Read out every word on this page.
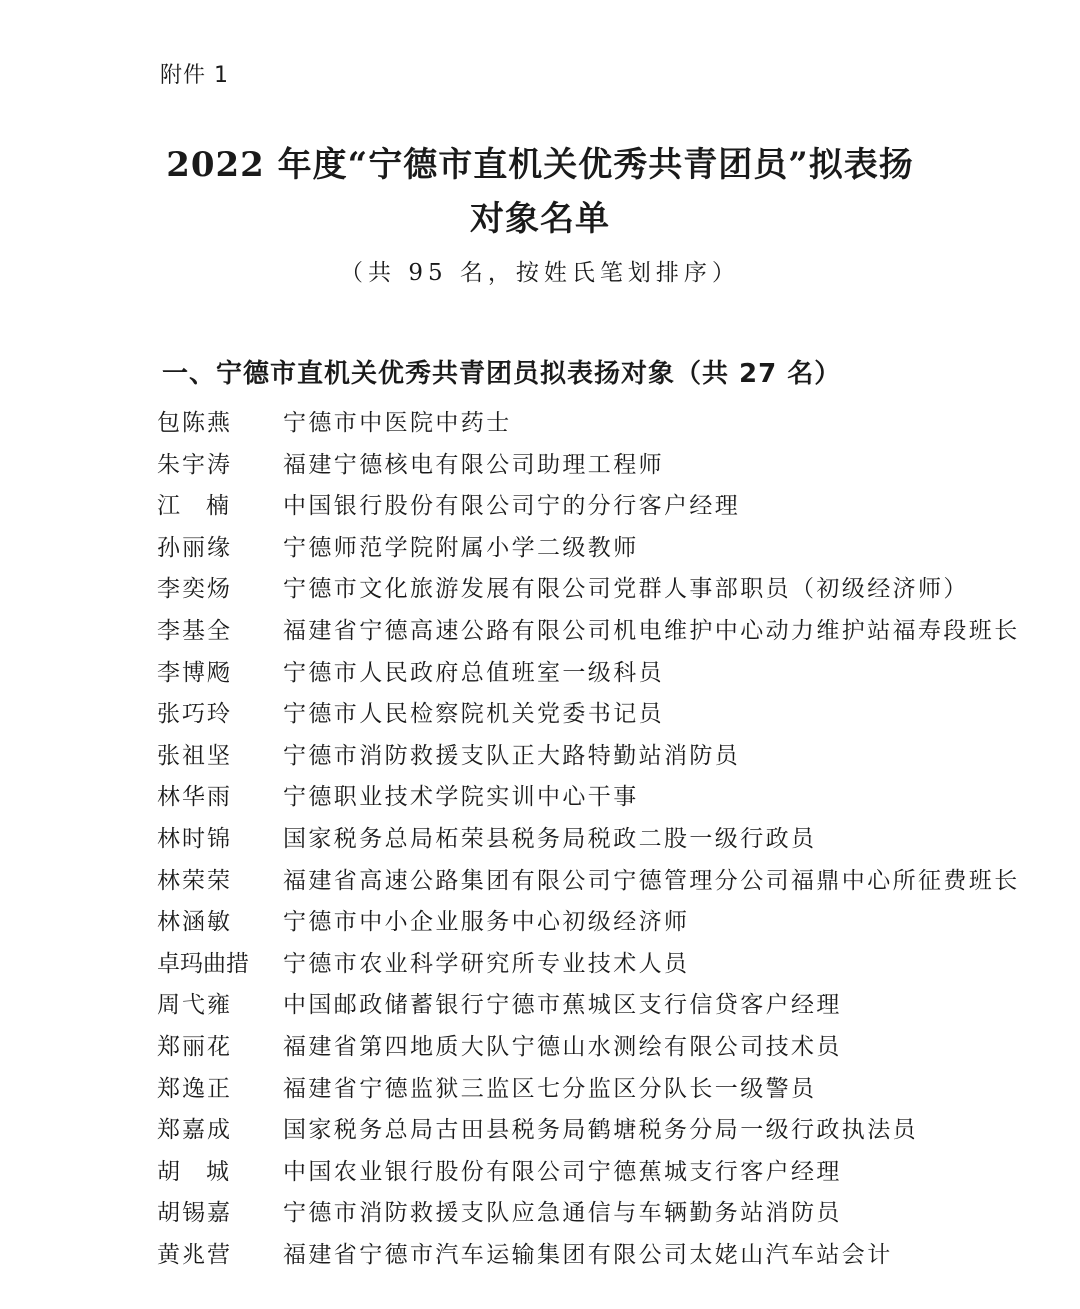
附件 1
2022 年度“宁德市直机关优秀共青团员”拟表扬
对象名单
（共 95 名，按姓氏笔划排序）
一、宁德市直机关优秀共青团员拟表扬对象（共 27 名）
包陈燕 宁德市中医院中药士
朱宇涛 福建宁德核电有限公司助理工程师
江楠 中国银行股份有限公司宁的分行客户经理
孙丽缘 宁德师范学院附属小学二级教师
李奕炀 宁德市文化旅游发展有限公司党群人事部职员（初级经济师）
李基全 福建省宁德高速公路有限公司机电维护中心动力维护站福寿段班长
李博飏 宁德市人民政府总值班室一级科员
张巧玲 宁德市人民检察院机关党委书记员
张祖坚 宁德市消防救援支队正大路特勤站消防员
林华雨 宁德职业技术学院实训中心干事
林时锦 国家税务总局柘荣县税务局税政二股一级行政员
林荣荣 福建省高速公路集团有限公司宁德管理分公司福鼎中心所征费班长
林涵敏 宁德市中小企业服务中心初级经济师
卓玛曲措 宁德市农业科学研究所专业技术人员
周弋雍 中国邮政储蓄银行宁德市蕉城区支行信贷客户经理
郑丽花 福建省第四地质大队宁德山水测绘有限公司技术员
郑逸正 福建省宁德监狱三监区七分监区分队长一级警员
郑嘉成 国家税务总局古田县税务局鹤塘税务分局一级行政执法员
胡城 中国农业银行股份有限公司宁德蕉城支行客户经理
胡锡嘉 宁德市消防救援支队应急通信与车辆勤务站消防员
黄兆营 福建省宁德市汽车运输集团有限公司太姥山汽车站会计
